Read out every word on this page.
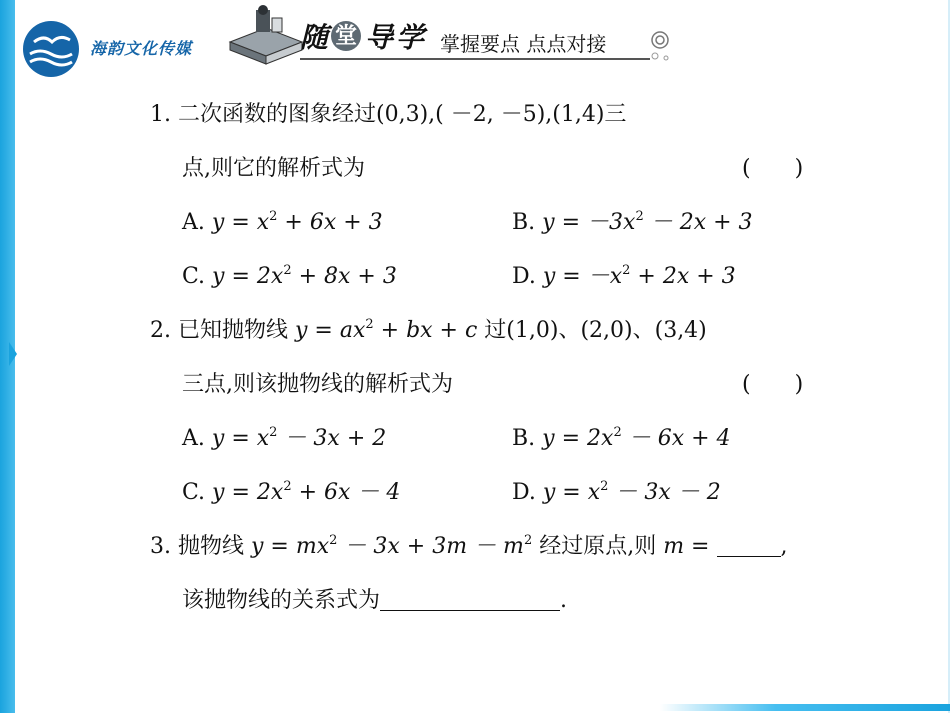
海韵文化传媒	随 堂 导 学 掌握要点 点点对接
1. 二次函数的图象经过(0,3),( －2, －5),(1,4)三
点,则它的解析式为	(　　)
A. $y = x^2 + 6x + 3$	B. $y = -3x^2 - 2x + 3$
C. $y = 2x^2 + 8x + 3$	D. $y = -x^2 + 2x + 3$
2. 已知抛物线 $y = ax^2$ + bx + c 过(1,0)、(2,0)、(3,4)
三点,则该抛物线的解析式为	(　　)
A. $y = x^2 - 3x + 2$	B. $y = 2x^2 - 6x + 4$
C. $y = 2x^2 + 6x - 4$	D. $y = x^2 - 3x - 2$
3. 抛物线 $y = mx^2 - 3x + 3m - m^2$ 经过原点,则 m =	,
该抛物线的关系式为	.
